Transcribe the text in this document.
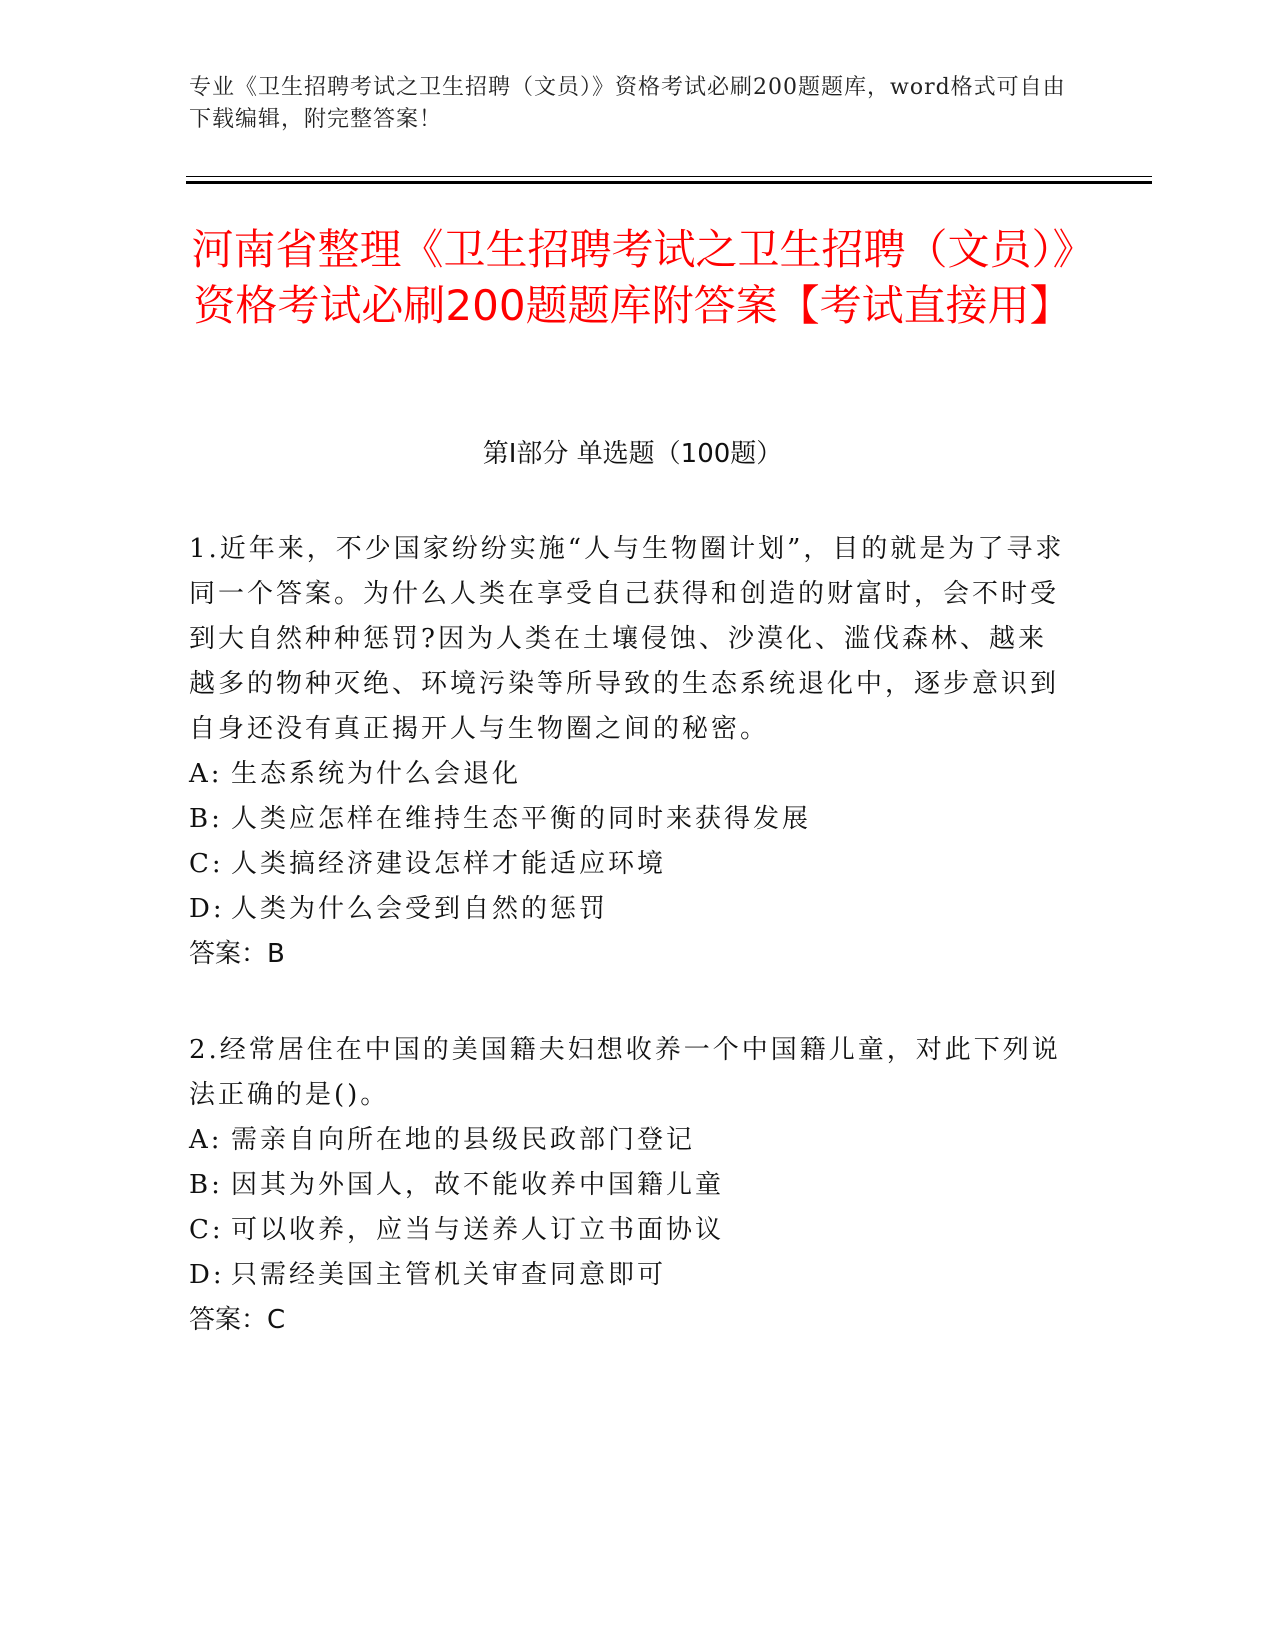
专业《卫生招聘考试之卫生招聘（文员）》资格考试必刷200题题库，word格式可自由下载编辑，附完整答案！
河南省整理《卫生招聘考试之卫生招聘（文员）》资格考试必刷200题题库附答案【考试直接用】
第Ⅰ部分 单选题（100题）

1.近年来，不少国家纷纷实施“人与生物圈计划”，目的就是为了寻求同一个答案。为什么人类在享受自己获得和创造的财富时，会不时受到大自然种种惩罚?因为人类在土壤侵蚀、沙漠化、滥伐森林、越来越多的物种灭绝、环境污染等所导致的生态系统退化中，逐步意识到自身还没有真正揭开人与生物圈之间的秘密。

A: 生态系统为什么会退化

B: 人类应怎样在维持生态平衡的同时来获得发展

C: 人类搞经济建设怎样才能适应环境

D: 人类为什么会受到自然的惩罚

答案：B

2.经常居住在中国的美国籍夫妇想收养一个中国籍儿童，对此下列说法正确的是()。

A: 需亲自向所在地的县级民政部门登记

B: 因其为外国人，故不能收养中国籍儿童

C: 可以收养，应当与送养人订立书面协议

D: 只需经美国主管机关审查同意即可

答案：C
